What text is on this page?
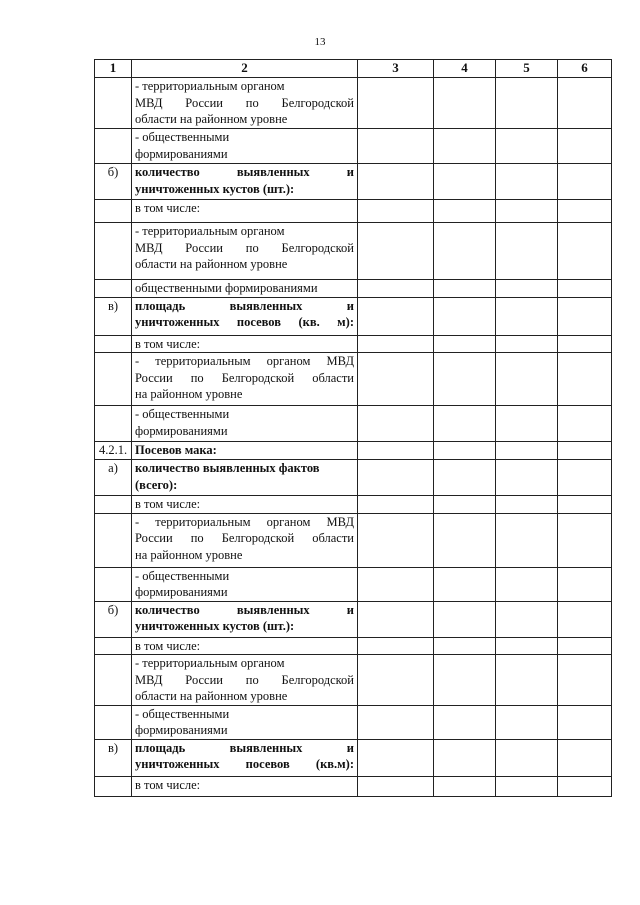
13
1	2	3	4	5	6

	- территориальным органом
МВД России по Белгородской
области на районном уровне				

	- общественными
формированиями				

б)	количество выявленных и
уничтоженных кустов (шт.):				

	в том числе:				

	- территориальным органом
МВД России по Белгородской
области на районном уровне				

	общественными формированиями				

в)	площадь выявленных и
уничтоженных посевов (кв. м):				

	в том числе:				

	- территориальным органом МВД
России по Белгородской области
на районном уровне				

	- общественными
формированиями				

4.2.1.	Посевов мака:				

а)	количество выявленных фактов
(всего):				

	в том числе:				

	- территориальным органом МВД
России по Белгородской области
на районном уровне				

	- общественными
формированиями				

б)	количество выявленных и
уничтоженных кустов (шт.):				

	в том числе:				

	- территориальным органом
МВД России по Белгородской
области на районном уровне				

	- общественными
формированиями				

в)	площадь выявленных и
уничтоженных посевов (кв.м):				

	в том числе:				
